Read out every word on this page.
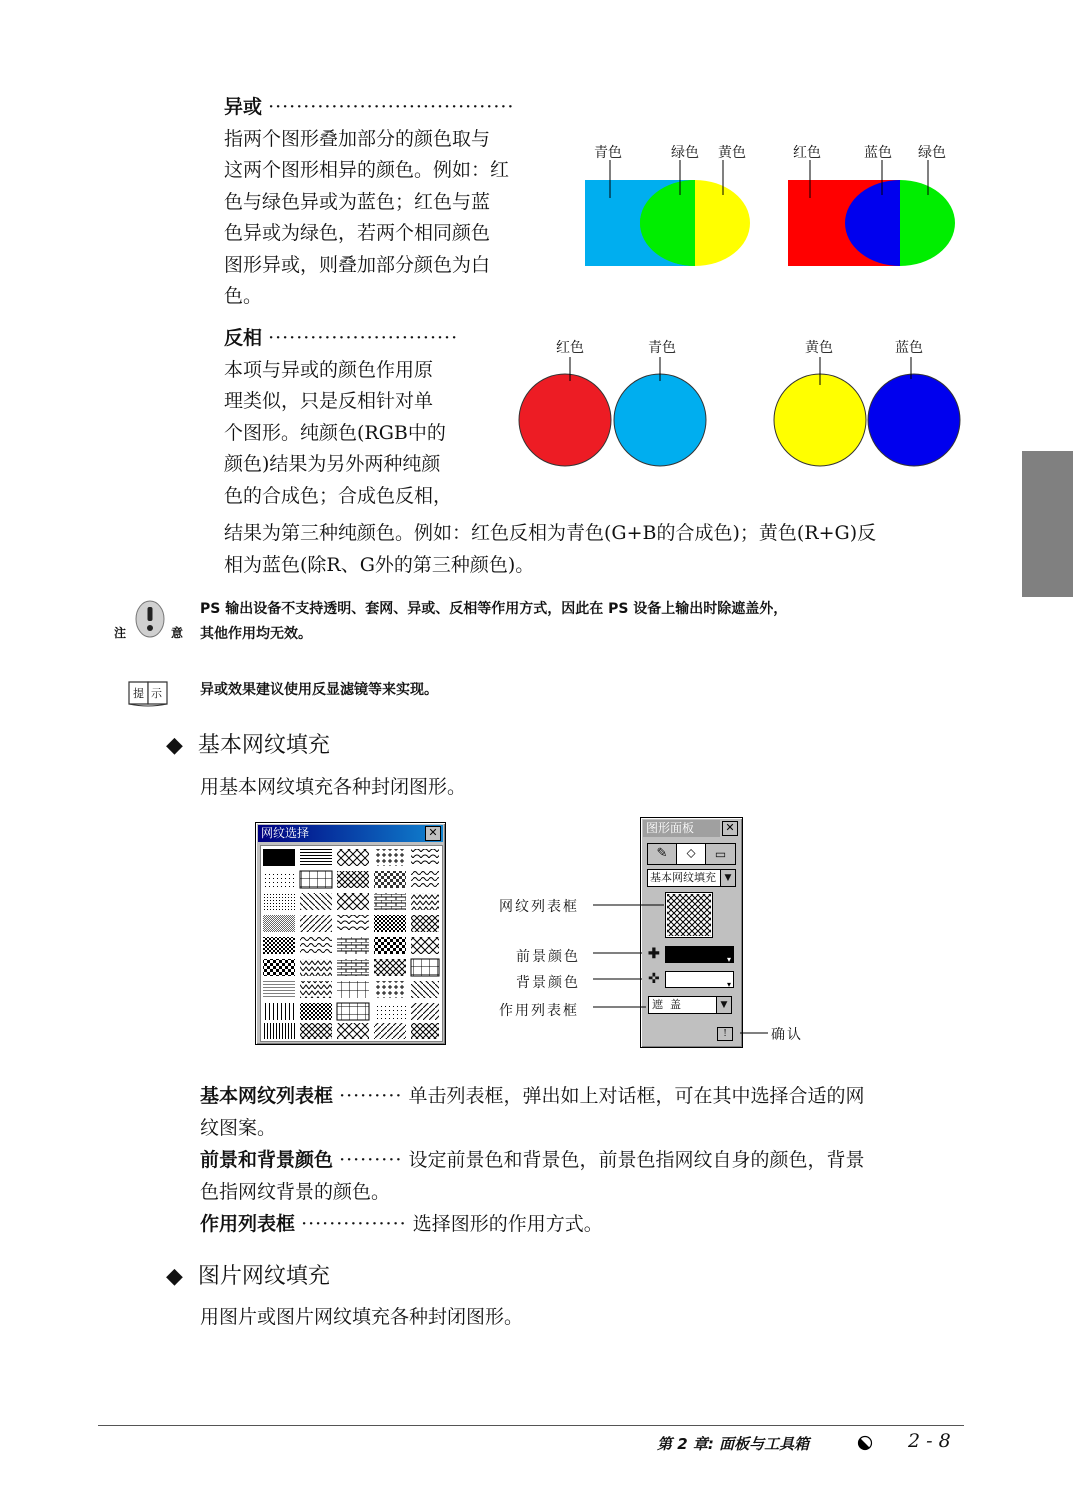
异或 ···································
指两个图形叠加部分的颜色取与
这两个图形相异的颜色。例如：红
色与绿色异或为蓝色；红色与蓝
色异或为绿色，若两个相同颜色
图形异或，则叠加部分颜色为白
色。
青色	绿色 黄色	红色	蓝色 绿色
反相 ···························
本项与异或的颜色作用原
理类似，只是反相针对单
个图形。纯颜色(RGB中的
颜色)结果为另外两种纯颜
色的合成色；合成色反相，
结果为第三种纯颜色。例如：红色反相为青色(G+B的合成色)；黄色(R+G)反
相为蓝色(除R、G外的第三种颜色)。
红色	青色	黄色	蓝色
注	意
PS 输出设备不支持透明、套网、异或、反相等作用方式，因此在 PS 设备上输出时除遮盖外，
其他作用均无效。
提 示	异或效果建议使用反显滤镜等来实现。
◆ 基本网纹填充
用基本网纹填充各种封闭图形。
网纹选择	✕	图形面板	✕
✎	⬦	▭
基本网纹填充 ▼
✚	▾
✜	▾
遮  盖	▼
!
网纹列表框
前景颜色
背景颜色
作用列表框
确认
基本网纹列表框 ········· 单击列表框，弹出如上对话框，可在其中选择合适的网
纹图案。
前景和背景颜色 ········· 设定前景色和背景色，前景色指网纹自身的颜色，背景
色指网纹背景的颜色。
作用列表框 ··············· 选择图形的作用方式。
◆ 图片网纹填充
用图片或图片网纹填充各种封闭图形。
第 2 章: 面板与工具箱	2 - 8
